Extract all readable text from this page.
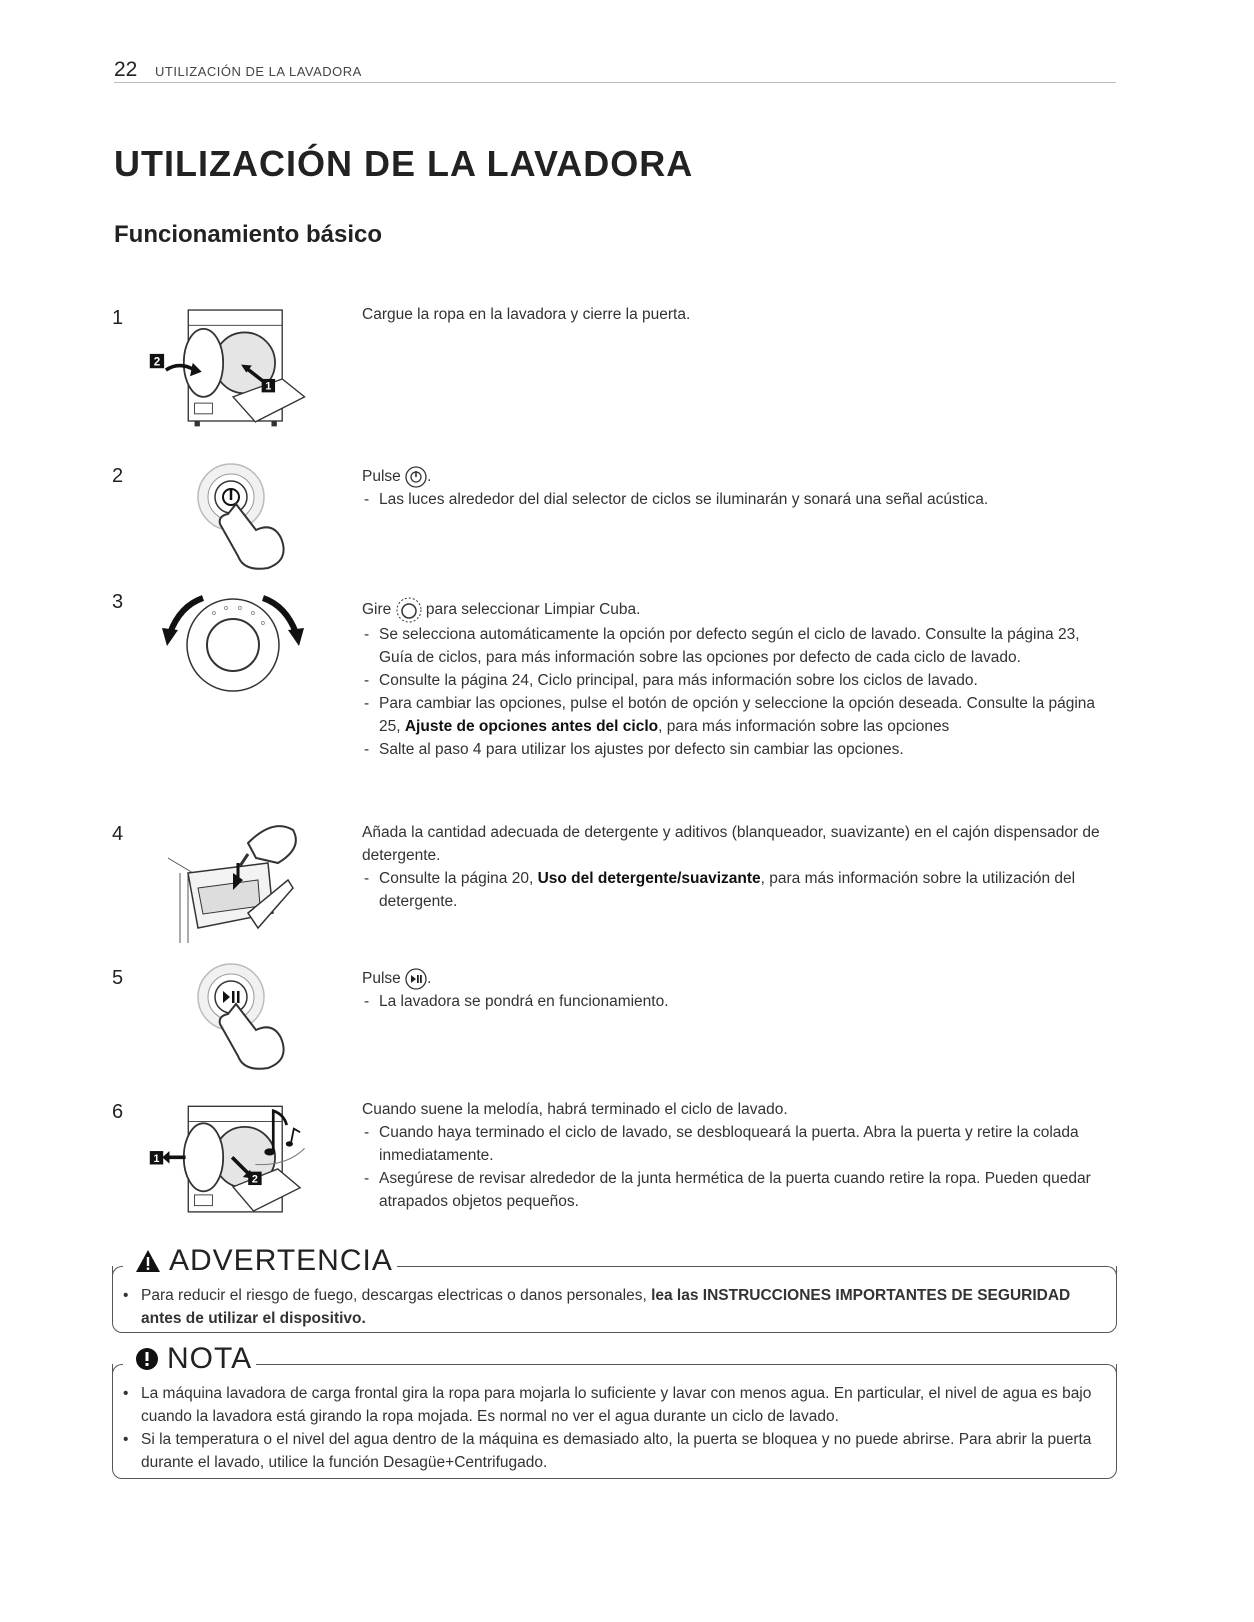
22 UTILIZACIÓN DE LA LAVADORA
UTILIZACIÓN DE LA LAVADORA
Funcionamiento básico
1
2
1

Cargue la ropa en la lavadora y cierre la puerta.

2	Pulse .

- Las luces alrededor del dial selector de ciclos se iluminarán y sonará una señal acústica.

3
o
o o
o
o

Gire para seleccionar Limpiar Cuba.

- Se selecciona automáticamente la opción por defecto según el ciclo de lavado. Consulte la página 23, Guía de ciclos, para más información sobre las opciones por defecto de cada ciclo de lavado.

- Consulte la página 24, Ciclo principal, para más información sobre los ciclos de lavado.

- Para cambiar las opciones, pulse el botón de opción y seleccione la opción deseada. Consulte la página 25, Ajuste de opciones antes del ciclo, para más información sobre las opciones

- Salte al paso 4 para utilizar los ajustes por defecto sin cambiar las opciones.

4	Añada la cantidad adecuada de detergente y aditivos (blanqueador, suavizante) en el cajón dispensador de detergente.

- Consulte la página 20, Uso del detergente/suavizante, para más información sobre la utilización del detergente.

5	Pulse .

- La lavadora se pondrá en funcionamiento.

6
1
2

Cuando suene la melodía, habrá terminado el ciclo de lavado.

- Cuando haya terminado el ciclo de lavado, se desbloqueará la puerta. Abra la puerta y retire la colada inmediatamente.

- Asegúrese de revisar alrededor de la junta hermética de la puerta cuando retire la ropa. Pueden quedar atrapados objetos pequeños.

ADVERTENCIA
• Para reducir el riesgo de fuego, descargas electricas o danos personales, lea las INSTRUCCIONES IMPORTANTES DE SEGURIDAD antes de utilizar el dispositivo.
NOTA
• La máquina lavadora de carga frontal gira la ropa para mojarla lo suficiente y lavar con menos agua. En particular, el nivel de agua es bajo cuando la lavadora está girando la ropa mojada. Es normal no ver el agua durante un ciclo de lavado.
• Si la temperatura o el nivel del agua dentro de la máquina es demasiado alto, la puerta se bloquea y no puede abrirse. Para abrir la puerta durante el lavado, utilice la función Desagüe+Centrifugado.
